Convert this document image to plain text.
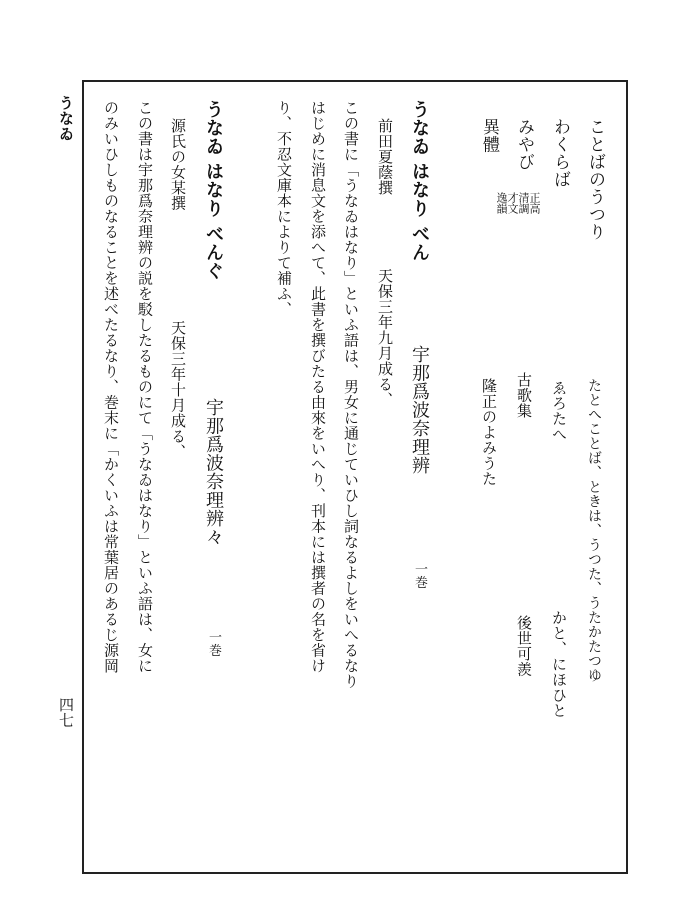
うなゐ
四七
ことばのうつり
たとへことば、ときは、うつた、うたかたつゆ
わくらば
ゑろたへ
かと、にほひと
みやび
正高
清調
才文
逸韻
古歌集
後世可羨
異體
隆正のよみうた
うなゐ はなり べん
宇那爲波奈理辨
一巻
前田夏蔭撰
天保三年九月成る、
この書に「うなゐはなり」といふ語は、男女に通じていひし詞なるよしをいへるなり
はじめに消息文を添へて、此書を撰びたる由來をいへり、刊本には撰者の名を省け
り、不忍文庫本によりて補ふ、
うなゐ はなり べんぐ
宇那爲波奈理辨々
一巻
源氏の女某撰
天保三年十月成る、
この書は宇那爲奈理辨の説を駁したるものにて「うなゐはなり」といふ語は、女に
のみいひしものなることを述べたるなり、巻末に「かくいふは常葉居のあるじ源岡
